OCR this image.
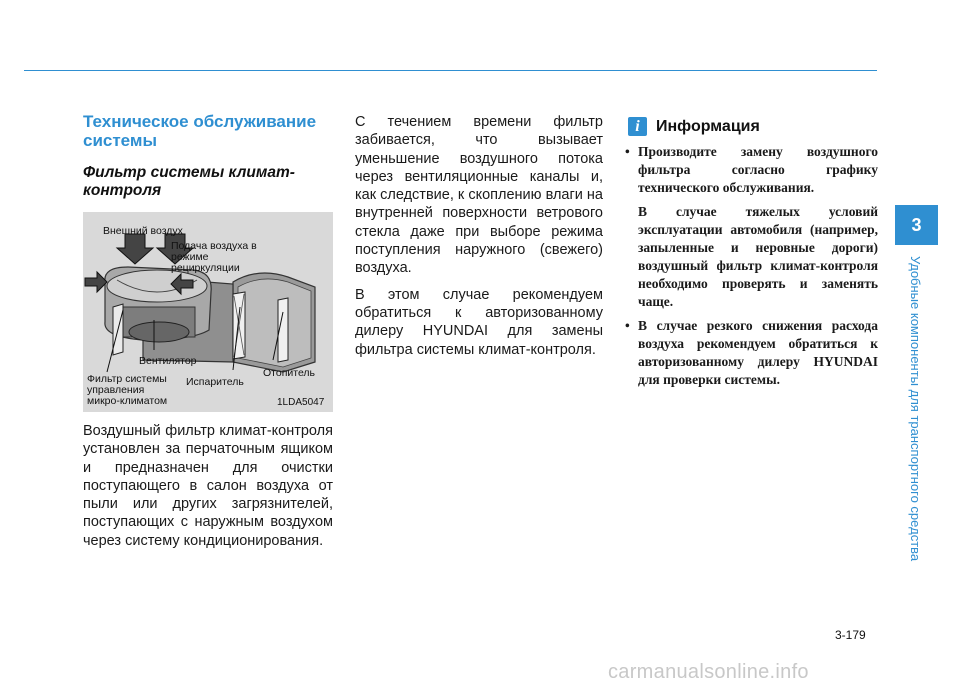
Техническое обслуживание системы
Фильтр системы климат-контроля
Внешний воздух
Подача воздуха в
режиме
рециркуляции
Вентилятор
Фильтр системы
управления
микро-климатом
Испаритель
Отопитель
1LDA5047

Воздушный фильтр климат-контроля установлен за перчаточным ящиком и предназначен для очистки поступающего в салон воздуха от пыли или других загрязнителей, поступающих с наружным воздухом через систему кондиционирования.

С течением времени фильтр забивается, что вызывает уменьшение воздушного потока через вентиляционные каналы и, как следствие, к скоплению влаги на внутренней поверхности ветрового стекла даже при выборе режима поступления наружного (свежего) воздуха.

В этом случае рекомендуем обратиться к авторизованному дилеру HYUNDAI для замены фильтра системы климат-контроля.

i	Информация
• Производите замену воздушного фильтра согласно графику технического обслуживания.
В случае тяжелых условий эксплуатации автомобиля (например, запыленные и неровные дороги) воздушный фильтр климат-контроля необходимо проверять и заменять чаще.
• В случае резкого снижения расхода воздуха рекомендуем обратиться к авторизованному дилеру HYUNDAI для проверки системы.
3
Удобные компоненты для транспортного средства
3-179
carmanualsonline.info
